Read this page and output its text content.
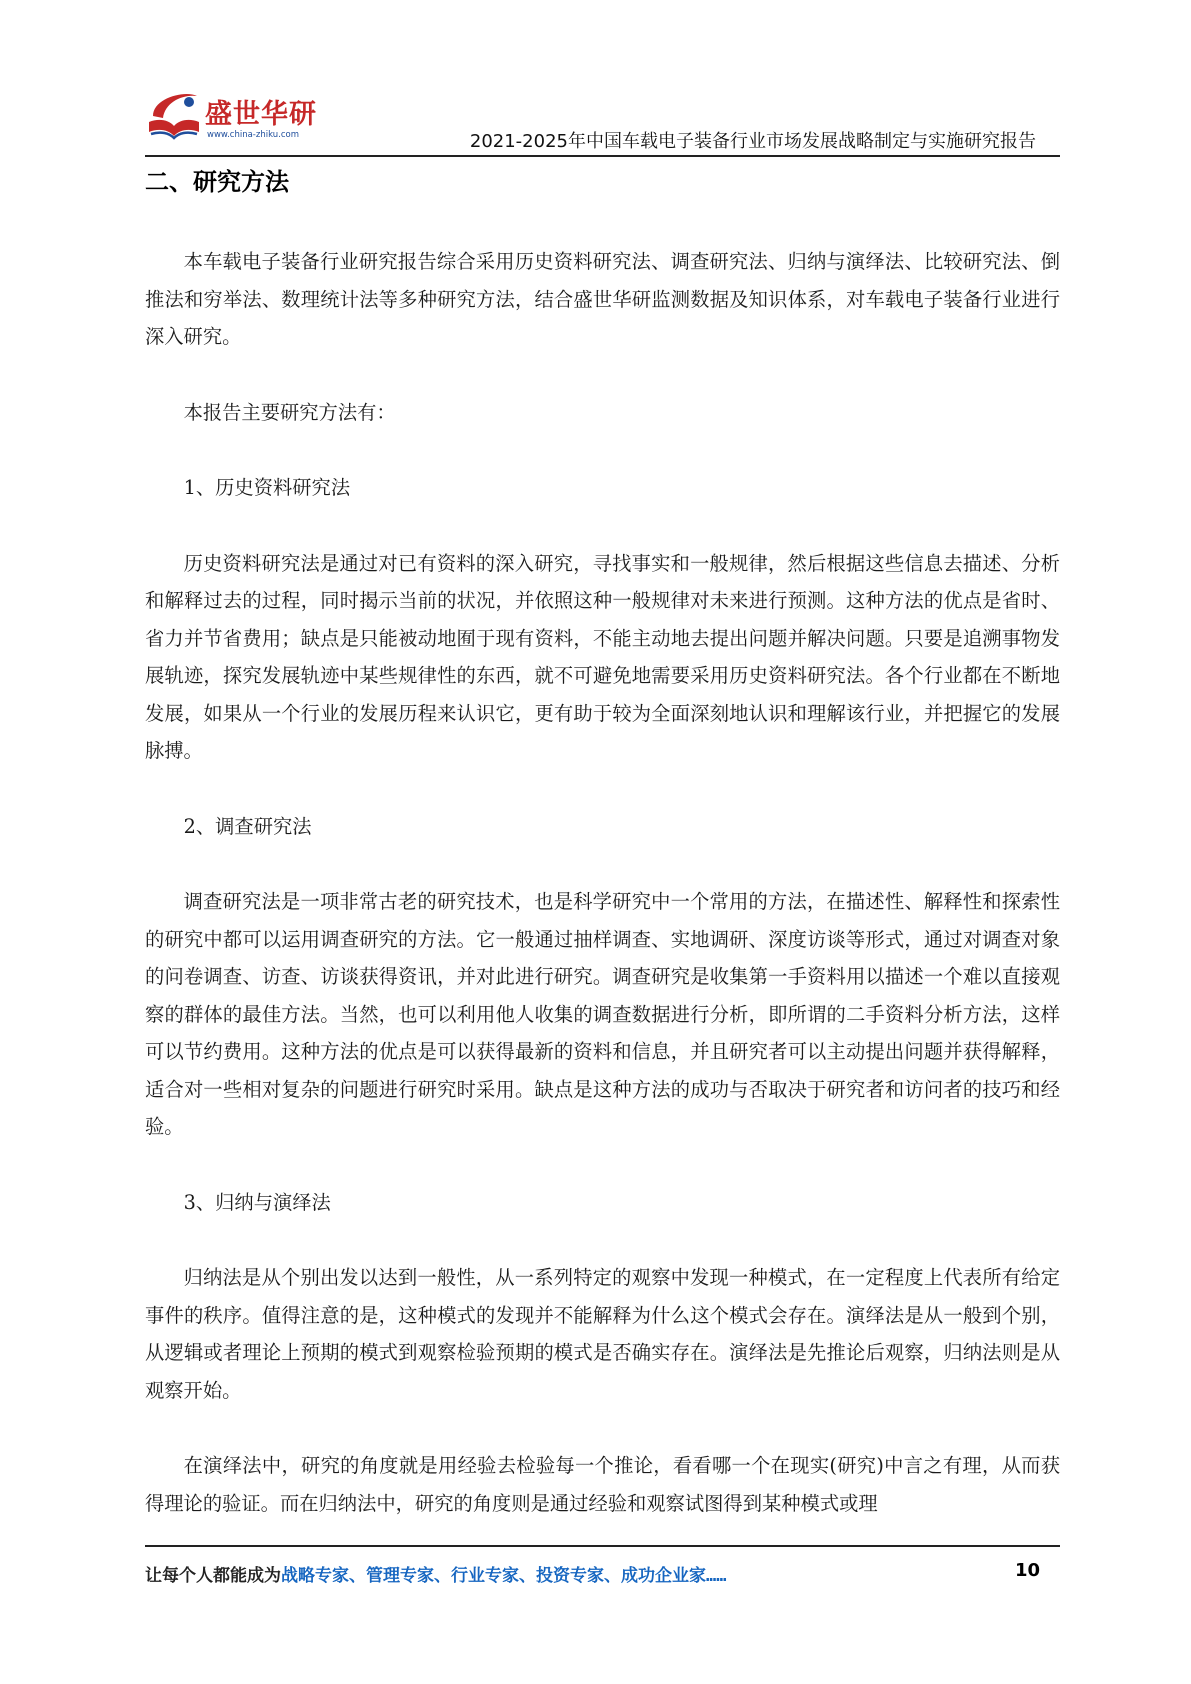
盛世华研
www.china-zhiku.com	2021-2025年中国车载电子装备行业市场发展战略制定与实施研究报告
二、研究方法

本车载电子装备行业研究报告综合采用历史资料研究法、调查研究法、归纳与演绎法、比较研究法、倒推法和穷举法、数理统计法等多种研究方法，结合盛世华研监测数据及知识体系，对车载电子装备行业进行深入研究。

本报告主要研究方法有：

1、历史资料研究法

历史资料研究法是通过对已有资料的深入研究，寻找事实和一般规律，然后根据这些信息去描述、分析和解释过去的过程，同时揭示当前的状况，并依照这种一般规律对未来进行预测。这种方法的优点是省时、省力并节省费用；缺点是只能被动地囿于现有资料，不能主动地去提出问题并解决问题。只要是追溯事物发展轨迹，探究发展轨迹中某些规律性的东西，就不可避免地需要采用历史资料研究法。各个行业都在不断地发展，如果从一个行业的发展历程来认识它，更有助于较为全面深刻地认识和理解该行业，并把握它的发展脉搏。

2、调查研究法

调查研究法是一项非常古老的研究技术，也是科学研究中一个常用的方法，在描述性、解释性和探索性的研究中都可以运用调查研究的方法。它一般通过抽样调查、实地调研、深度访谈等形式，通过对调查对象的问卷调查、访查、访谈获得资讯，并对此进行研究。调查研究是收集第一手资料用以描述一个难以直接观察的群体的最佳方法。当然，也可以利用他人收集的调查数据进行分析，即所谓的二手资料分析方法，这样可以节约费用。这种方法的优点是可以获得最新的资料和信息，并且研究者可以主动提出问题并获得解释，适合对一些相对复杂的问题进行研究时采用。缺点是这种方法的成功与否取决于研究者和访问者的技巧和经验。

3、归纳与演绎法

归纳法是从个别出发以达到一般性，从一系列特定的观察中发现一种模式，在一定程度上代表所有给定事件的秩序。值得注意的是，这种模式的发现并不能解释为什么这个模式会存在。演绎法是从一般到个别，从逻辑或者理论上预期的模式到观察检验预期的模式是否确实存在。演绎法是先推论后观察，归纳法则是从观察开始。

在演绎法中，研究的角度就是用经验去检验每一个推论，看看哪一个在现实(研究)中言之有理，从而获得理论的验证。而在归纳法中，研究的角度则是通过经验和观察试图得到某种模式或理

让每个人都能成为战略专家、管理专家、行业专家、投资专家、成功企业家……	10
